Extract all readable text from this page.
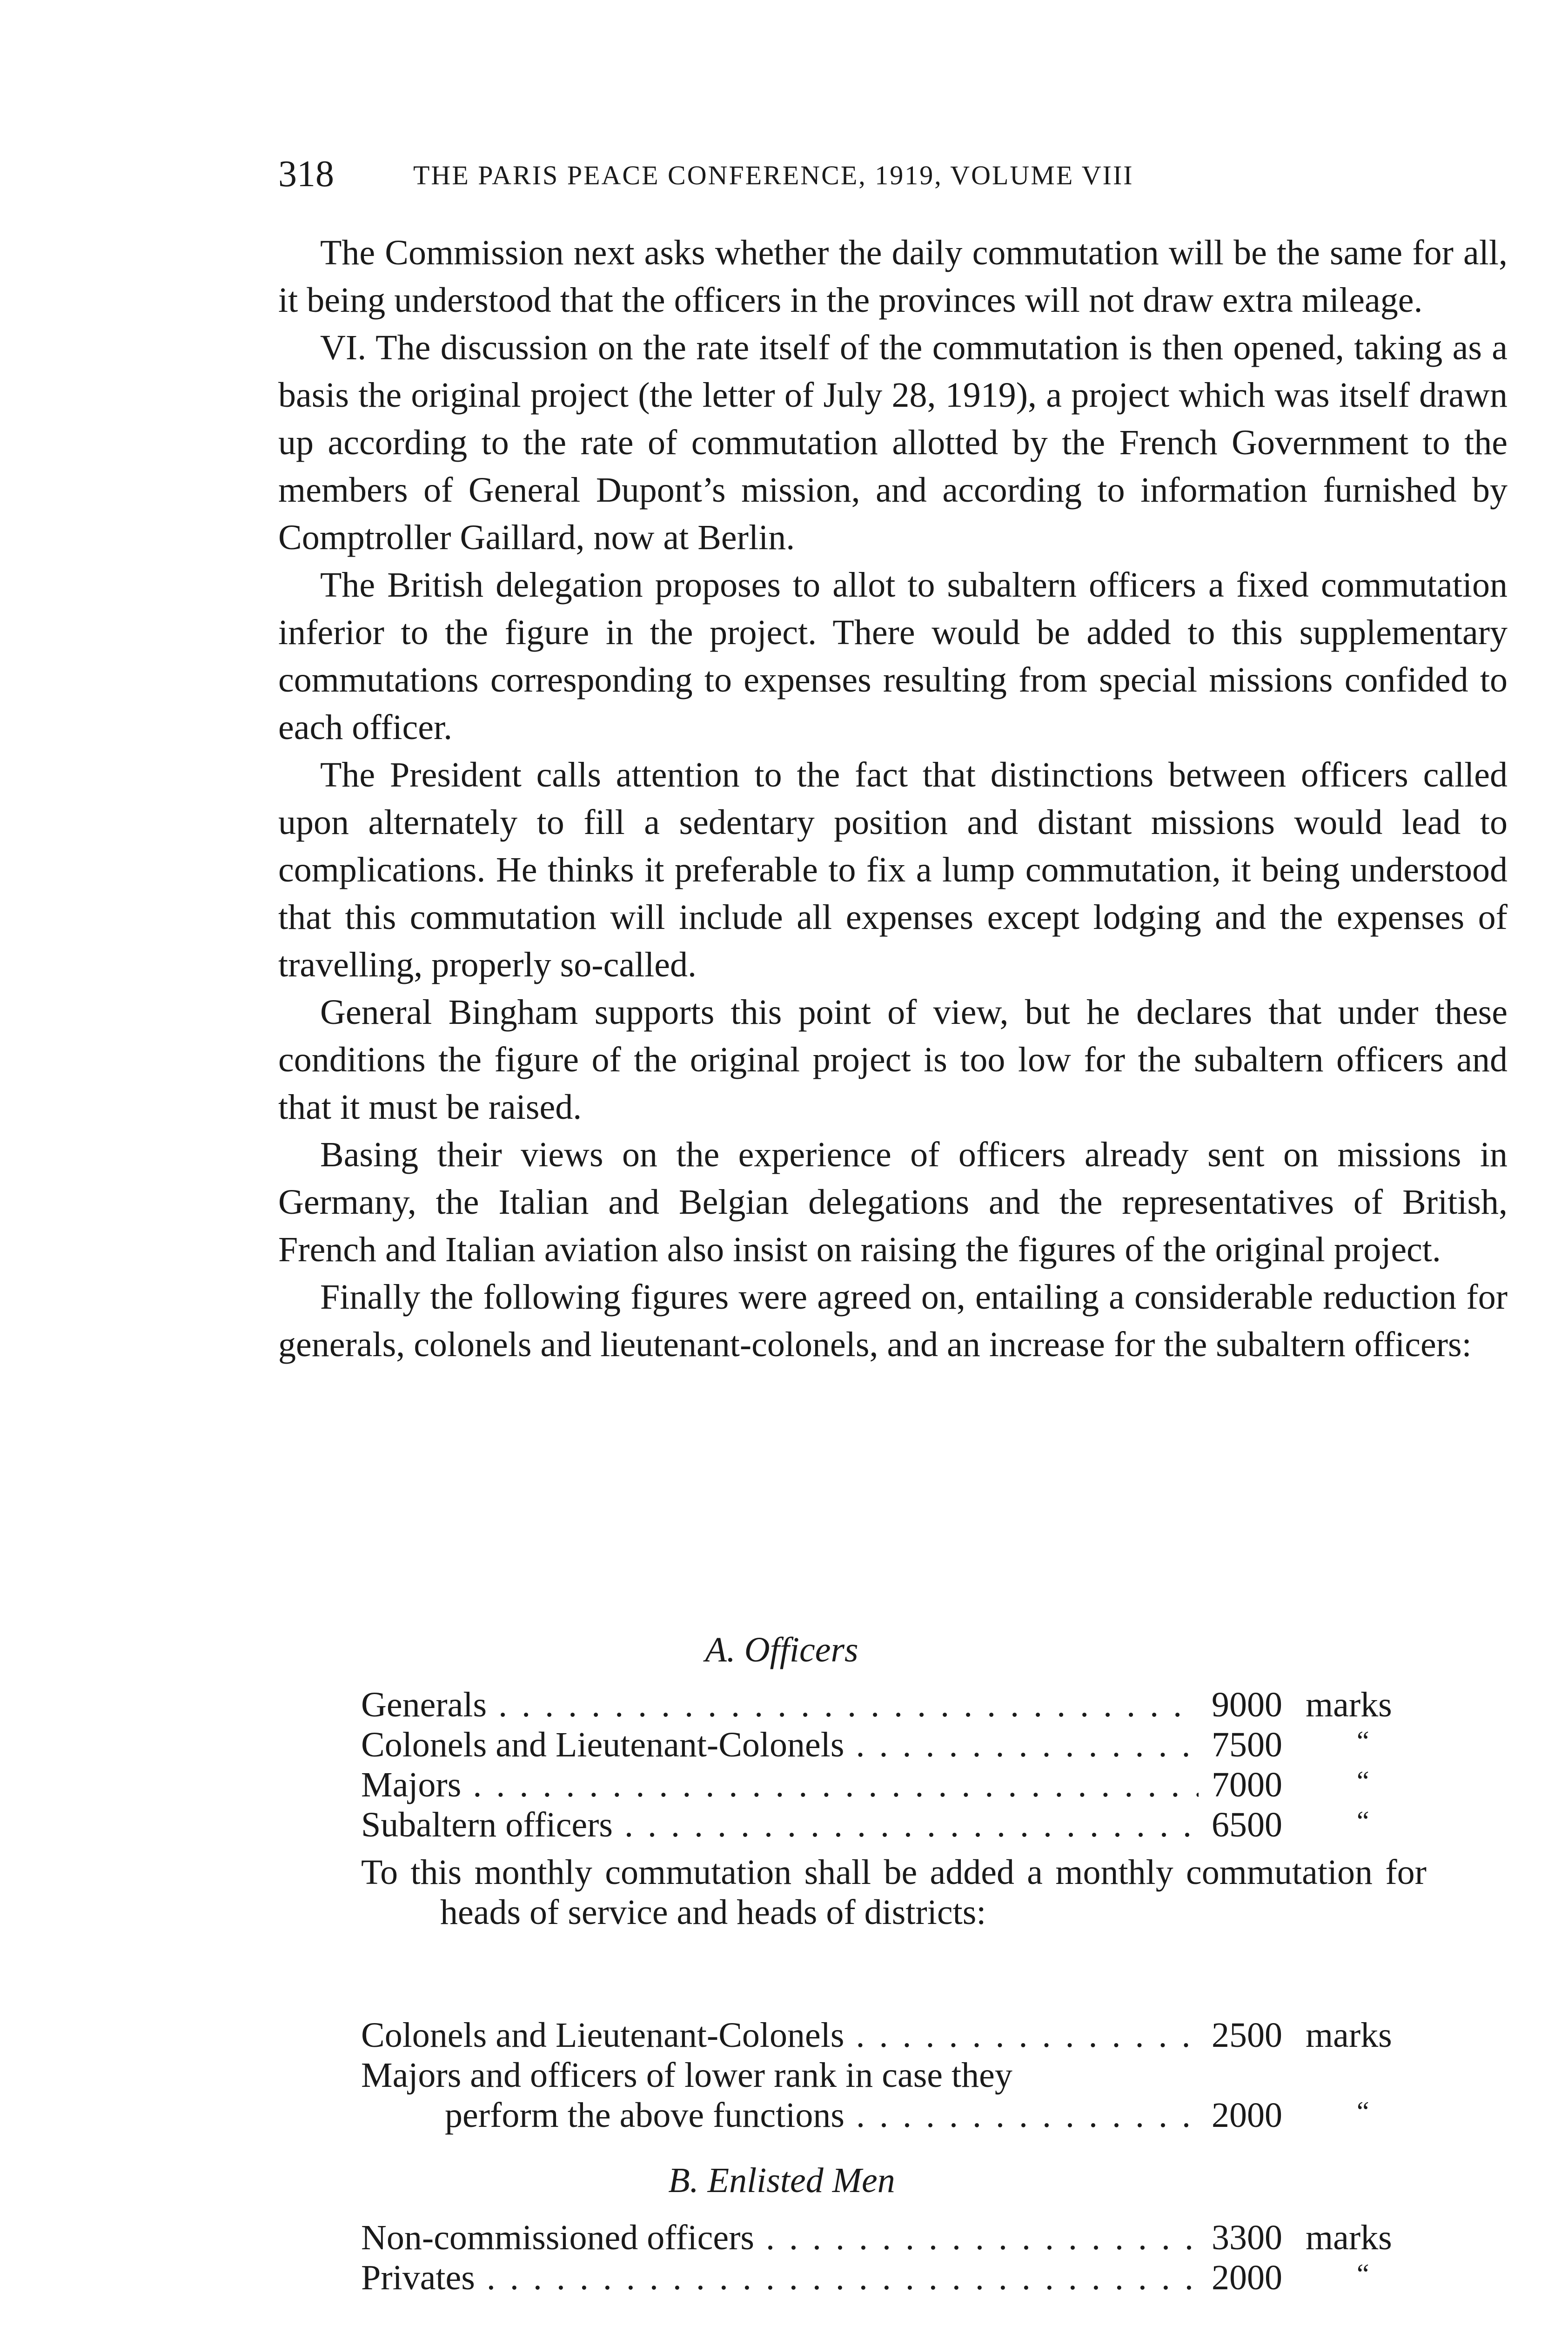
318	THE PARIS PEACE CONFERENCE, 1919, VOLUME VIII

The Commission next asks whether the daily commutation will be the same for all, it being understood that the officers in the provinces will not draw extra mileage.

VI. The discussion on the rate itself of the commutation is then opened, taking as a basis the original project (the letter of July 28, 1919), a project which was itself drawn up according to the rate of commutation allotted by the French Government to the members of General Dupont’s mission, and according to information furnished by Comptroller Gaillard, now at Berlin.

The British delegation proposes to allot to subaltern officers a fixed commutation inferior to the figure in the project. There would be added to this supplementary commutations corresponding to expenses resulting from special missions confided to each officer.

The President calls attention to the fact that distinctions between officers called upon alternately to fill a sedentary position and distant missions would lead to complications. He thinks it preferable to fix a lump commutation, it being understood that this commutation will include all expenses except lodging and the expenses of travelling, properly so-called.

General Bingham supports this point of view, but he declares that under these conditions the figure of the original project is too low for the subaltern officers and that it must be raised.

Basing their views on the experience of officers already sent on missions in Germany, the Italian and Belgian delegations and the representatives of British, French and Italian aviation also insist on raising the figures of the original project.

Finally the following figures were agreed on, entailing a considerable reduction for generals, colonels and lieutenant-colonels, and an increase for the subaltern officers:

A. Officers
Generals . . .	9000 marks
Colonels and Lieutenant-Colonels . . .	7500	“
Majors . . .	7000	“
Subaltern officers . . .	6500	“

To this monthly commutation shall be added a monthly commutation for heads of service and heads of districts:

Colonels and Lieutenant-Colonels . . .	2500 marks
Majors and officers of lower rank in case they
perform the above functions . . .	2000	“
B. Enlisted Men
Non-commissioned officers . . .	3300 marks
Privates . . .	2000	“
